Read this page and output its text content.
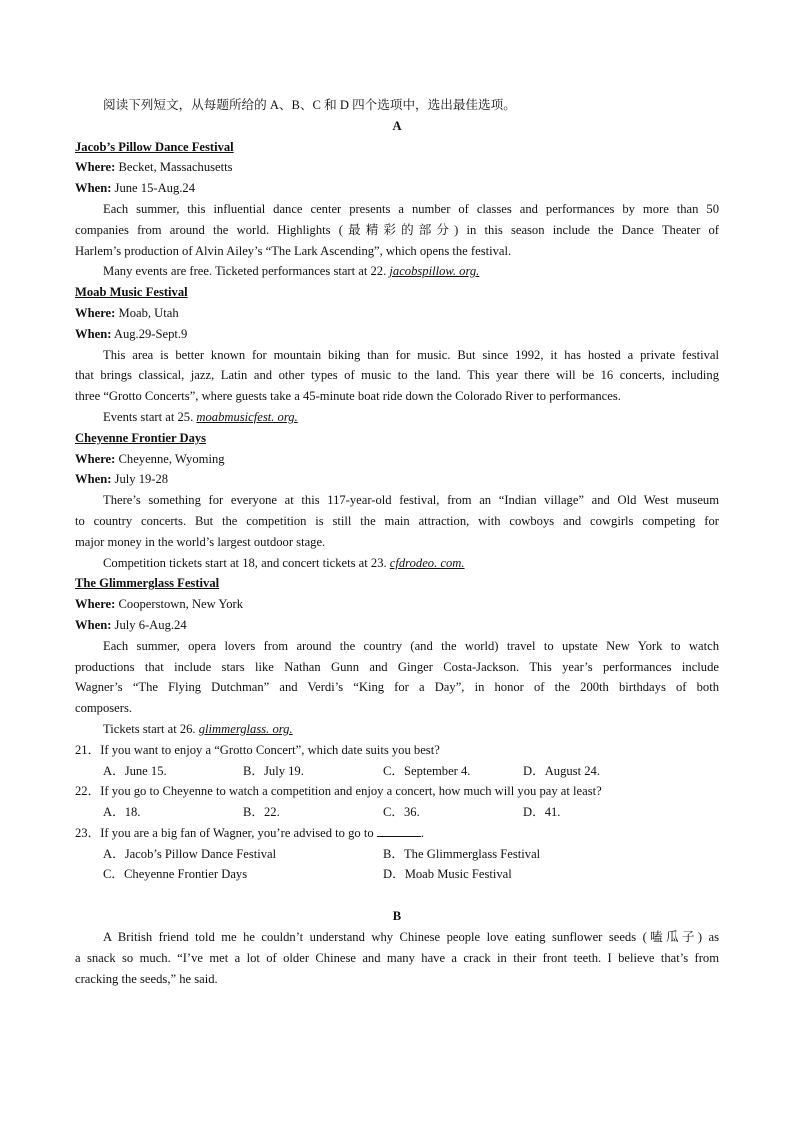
阅读下列短文，从每题所给的 A、B、C 和 D 四个选项中，选出最佳选项。
A
Jacob’s Pillow Dance Festival
Where: Becket, Massachusetts
When: June 15-Aug.24
Each summer, this influential dance center presents a number of classes and performances by more than 50
companies from around the world. Highlights (最精彩的部分) in this season include the Dance Theater of
Harlem’s production of Alvin Ailey’s “The Lark Ascending”, which opens the festival.
Many events are free. Ticketed performances start at 22. jacobspillow. org.
Moab Music Festival
Where: Moab, Utah
When: Aug.29-Sept.9
This area is better known for mountain biking than for music. But since 1992, it has hosted a private festival
that brings classical, jazz, Latin and other types of music to the land. This year there will be 16 concerts, including
three “Grotto Concerts”, where guests take a 45-minute boat ride down the Colorado River to performances.
Events start at 25. moabmusicfest. org.
Cheyenne Frontier Days
Where: Cheyenne, Wyoming
When: July 19-28
There’s something for everyone at this 117-year-old festival, from an “Indian village” and Old West museum
to country concerts. But the competition is still the main attraction, with cowboys and cowgirls competing for
major money in the world’s largest outdoor stage.
Competition tickets start at 18, and concert tickets at 23. cfdrodeo. com.
The Glimmerglass Festival
Where: Cooperstown, New York
When: July 6-Aug.24
Each summer, opera lovers from around the country (and the world) travel to upstate New York to watch
productions that include stars like Nathan Gunn and Ginger Costa-Jackson. This year’s performances include
Wagner’s “The Flying Dutchman” and Verdi’s “King for a Day”, in honor of the 200th birthdays of both
composers.
Tickets start at 26. glimmerglass. org.
21．If you want to enjoy a “Grotto Concert”, which date suits you best?
A．June 15.	B．July 19.	C．September 4.	D．August 24.
22．If you go to Cheyenne to watch a competition and enjoy a concert, how much will you pay at least?
A．18.	B．22.	C．36.	D．41.
23．If you are a big fan of Wagner, you’re advised to go to	.
A．Jacob’s Pillow Dance Festival	B．The Glimmerglass Festival
C．Cheyenne Frontier Days	D．Moab Music Festival
B
A British friend told me he couldn’t understand why Chinese people love eating sunflower seeds (嗑瓜子) as
a snack so much. “I’ve met a lot of older Chinese and many have a crack in their front teeth. I believe that’s from
cracking the seeds,” he said.
